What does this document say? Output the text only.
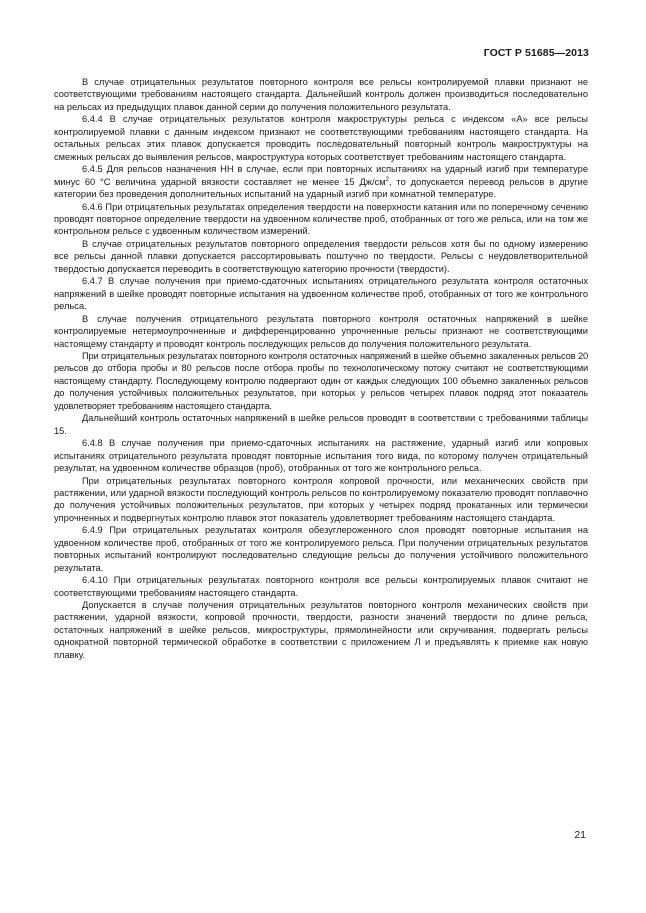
ГОСТ Р 51685—2013

В случае отрицательных результатов повторного контроля все рельсы контролируемой плавки признают не соответствующими требованиям настоящего стандарта. Дальнейший контроль должен производиться последовательно на рельсах из предыдущих плавок данной серии до получения положительного результата.

6.4.4 В случае отрицательных результатов контроля макроструктуры рельса с индексом «А» все рельсы контролируемой плавки с данным индексом признают не соответствующими требованиям настоящего стандарта. На остальных рельсах этих плавок допускается проводить последовательный повторный контроль макроструктуры на смежных рельсах до выявления рельсов, макроструктура которых соответствует требованиям настоящего стандарта.

6.4.5 Для рельсов назначения НН в случае, если при повторных испытаниях на ударный изгиб при температуре минус 60 °С величина ударной вязкости составляет не менее 15 $Дж/см^2$, то допускается перевод рельсов в другие категории без проведения дополнительных испытаний на ударный изгиб при комнатной температуре.

6.4.6 При отрицательных результатах определения твердости на поверхности катания или по поперечному сечению проводят повторное определение твердости на удвоенном количестве проб, отобранных от того же рельса, или на том же контрольном рельсе с удвоенным количеством измерений.

В случае отрицательных результатов повторного определения твердости рельсов хотя бы по одному измерению все рельсы данной плавки допускается рассортировывать поштучно по твердости. Рельсы с неудовлетворительной твердостью допускается переводить в соответствующую категорию прочности (твердости).

6.4.7 В случае получения при приемо-сдаточных испытаниях отрицательного результата контроля остаточных напряжений в шейке проводят повторные испытания на удвоенном количестве проб, отобранных от того же контрольного рельса.

В случае получения отрицательного результата повторного контроля остаточных напряжений в шейке контролируемые нетермоупрочненные и дифференцированно упрочненные рельсы признают не соответствующими настоящему стандарту и проводят контроль последующих рельсов до получения положительного результата.

При отрицательных результатах повторного контроля остаточных напряжений в шейке объемно закаленных рельсов 20 рельсов до отбора пробы и 80 рельсов после отбора пробы по технологическому потоку считают не соответствующими настоящему стандарту. Последующему контролю подвергают один от каждых следующих 100 объемно закаленных рельсов до получения устойчивых положительных результатов, при которых у рельсов четырех плавок подряд этот показатель удовлетворяет требованиям настоящего стандарта.

Дальнейший контроль остаточных напряжений в шейке рельсов проводят в соответствии с требованиями таблицы 15.

6.4.8 В случае получения при приемо-сдаточных испытаниях на растяжение, ударный изгиб или копровых испытаниях отрицательного результата проводят повторные испытания того вида, по которому получен отрицательный результат, на удвоенном количестве образцов (проб), отобранных от того же контрольного рельса.

При отрицательных результатах повторного контроля копровой прочности, или механических свойств при растяжении, или ударной вязкости последующий контроль рельсов по контролируемому показателю проводят поплавочно до получения устойчивых положительных результатов, при которых у четырех подряд прокатанных или термически упрочненных и подвергнутых контролю плавок этот показатель удовлетворяет требованиям настоящего стандарта.

6.4.9 При отрицательных результатах контроля обезуглероженного слоя проводят повторные испытания на удвоенном количестве проб, отобранных от того же контролируемого рельса. При получении отрицательных результатов повторных испытаний контролируют последовательно следующие рельсы до получения устойчивого положительного результата.

6.4.10 При отрицательных результатах повторного контроля все рельсы контролируемых плавок считают не соответствующими требованиям настоящего стандарта.

Допускается в случае получения отрицательных результатов повторного контроля механических свойств при растяжении, ударной вязкости, копровой прочности, твердости, разности значений твердости по длине рельса, остаточных напряжений в шейке рельсов, микроструктуры, прямолинейности или скручивания, подвергать рельсы однократной повторной термической обработке в соответствии с приложением Л и предъявлять к приемке как новую плавку.

21
